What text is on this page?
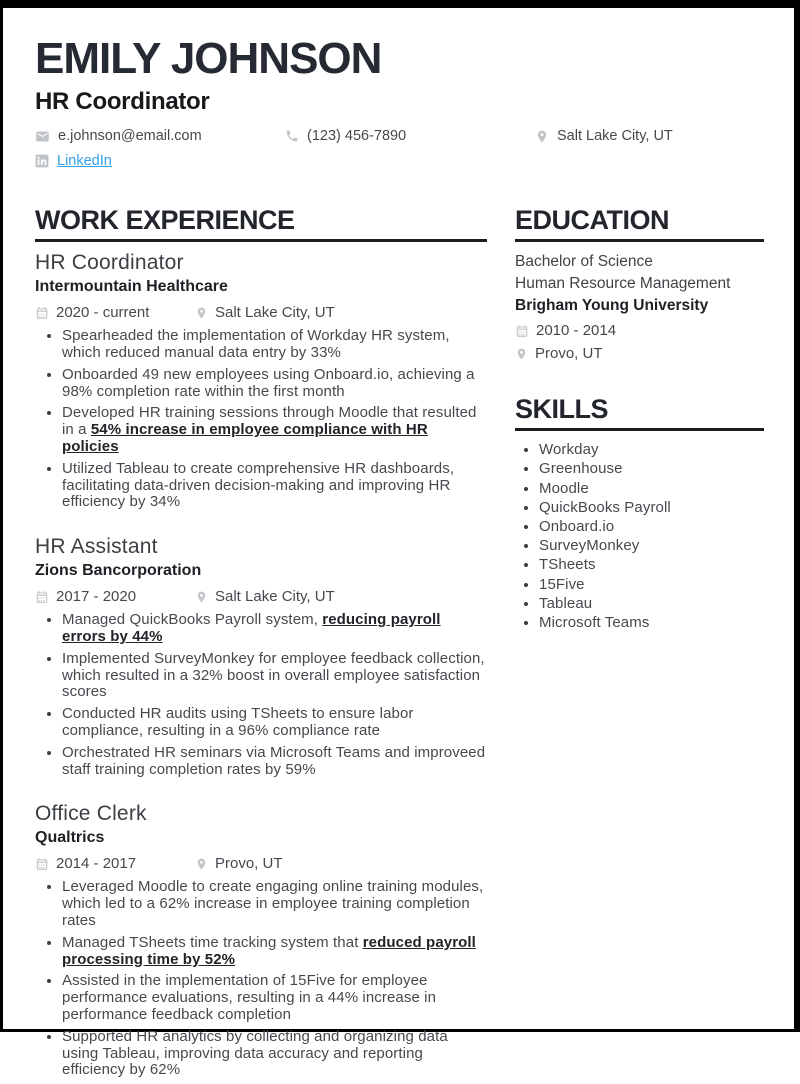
EMILY JOHNSON
HR Coordinator
e.johnson@email.com	(123) 456-7890	Salt Lake City, UT
LinkedIn
WORK EXPERIENCE
HR Coordinator
Intermountain Healthcare
2020 - current	Salt Lake City, UT
• Spearheaded the implementation of Workday HR system, which reduced manual data entry by 33%
• Onboarded 49 new employees using Onboard.io, achieving a 98% completion rate within the first month
• Developed HR training sessions through Moodle that resulted in a 54% increase in employee compliance with HR policies
• Utilized Tableau to create comprehensive HR dashboards, facilitating data-driven decision-making and improving HR efficiency by 34%
HR Assistant
Zions Bancorporation
2017 - 2020	Salt Lake City, UT
• Managed QuickBooks Payroll system, reducing payroll errors by 44%
• Implemented SurveyMonkey for employee feedback collection, which resulted in a 32% boost in overall employee satisfaction scores
• Conducted HR audits using TSheets to ensure labor compliance, resulting in a 96% compliance rate
• Orchestrated HR seminars via Microsoft Teams and improveed staff training completion rates by 59%
Office Clerk
Qualtrics
2014 - 2017	Provo, UT
• Leveraged Moodle to create engaging online training modules, which led to a 62% increase in employee training completion rates
• Managed TSheets time tracking system that reduced payroll processing time by 52%
• Assisted in the implementation of 15Five for employee performance evaluations, resulting in a 44% increase in performance feedback completion
• Supported HR analytics by collecting and organizing data using Tableau, improving data accuracy and reporting efficiency by 62%
EDUCATION
Bachelor of Science
Human Resource Management
Brigham Young University
2010 - 2014
Provo, UT
SKILLS
• Workday
• Greenhouse
• Moodle
• QuickBooks Payroll
• Onboard.io
• SurveyMonkey
• TSheets
• 15Five
• Tableau
• Microsoft Teams
